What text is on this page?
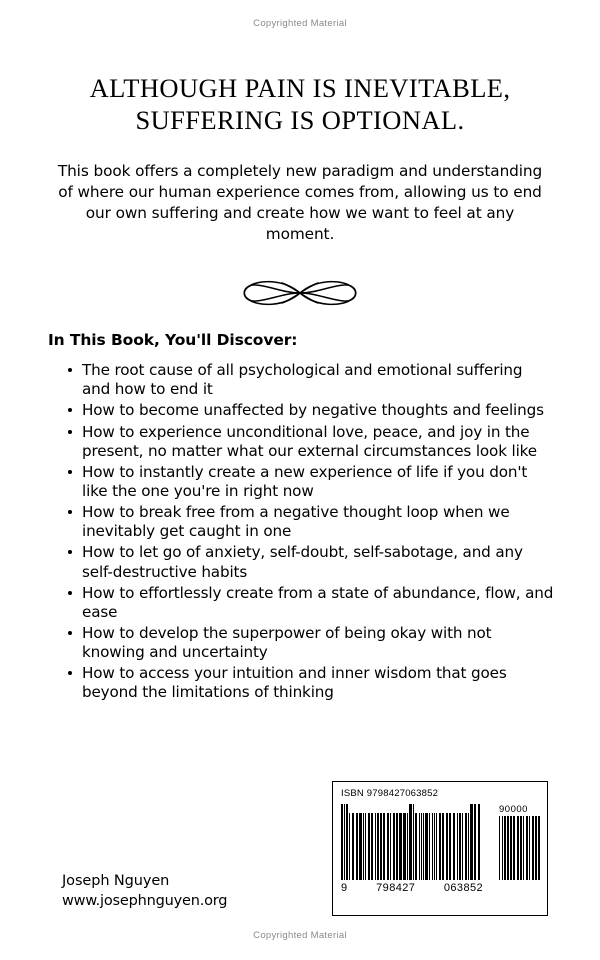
Copyrighted Material
ALTHOUGH PAIN IS INEVITABLE, SUFFERING IS OPTIONAL.
This book offers a completely new paradigm and understanding of where our human experience comes from, allowing us to end our own suffering and create how we want to feel at any moment.
In This Book, You'll Discover:
The root cause of all psychological and emotional suffering and how to end it
How to become unaffected by negative thoughts and feelings
How to experience unconditional love, peace, and joy in the present, no matter what our external circumstances look like
How to instantly create a new experience of life if you don't like the one you're in right now
How to break free from a negative thought loop when we inevitably get caught in one
How to let go of anxiety, self-doubt, self-sabotage, and any self-destructive habits
How to effortlessly create from a state of abundance, flow, and ease
How to develop the superpower of being okay with not knowing and uncertainty
How to access your intuition and inner wisdom that goes beyond the limitations of thinking
Joseph Nguyen
www.josephnguyen.org
ISBN 9798427063852
90000
9	798427	063852
Copyrighted Material
